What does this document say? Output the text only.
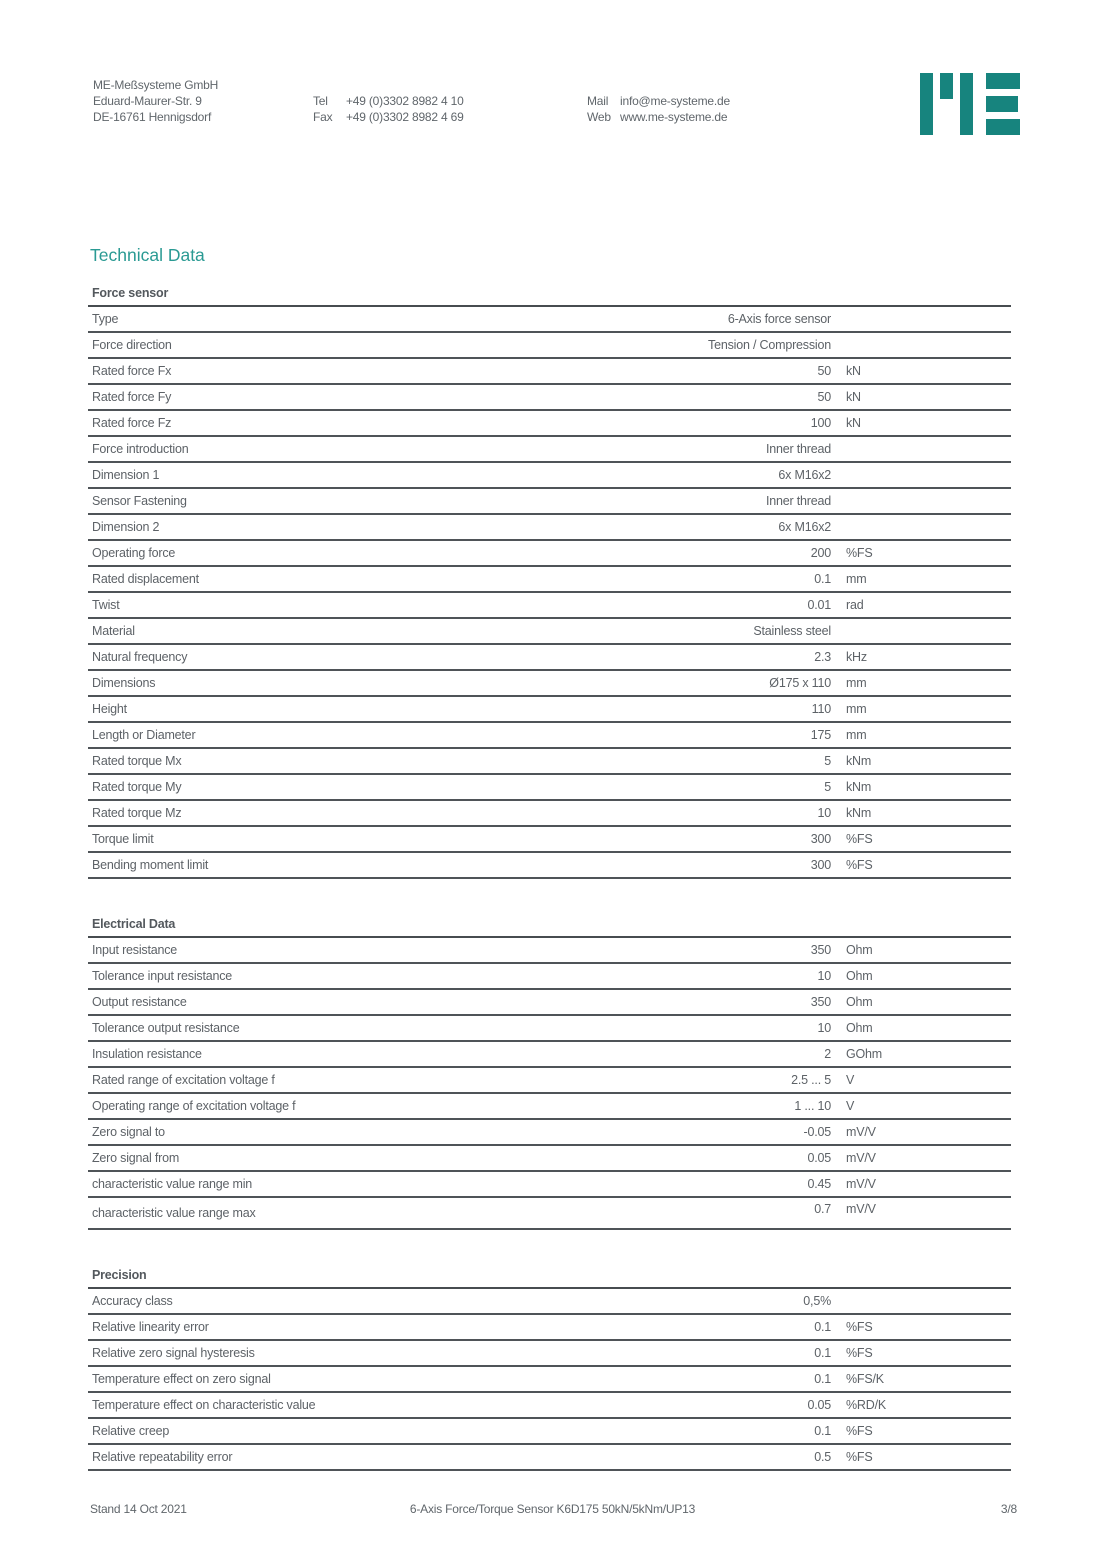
ME-Meßsysteme GmbH
Eduard-Maurer-Str. 9
DE-16761 Hennigsdorf
Tel	+49 (0)3302 8982 4 10
Fax	+49 (0)3302 8982 4 69
Mail info@me-systeme.de
Web www.me-systeme.de
Technical Data
Force sensor
Type	6-Axis force sensor
Force direction	Tension / Compression
Rated force Fx	50	kN
Rated force Fy	50	kN
Rated force Fz	100	kN
Force introduction	Inner thread
Dimension 1	6x M16x2
Sensor Fastening	Inner thread
Dimension 2	6x M16x2
Operating force	200	%FS
Rated displacement	0.1	mm
Twist	0.01	rad
Material	Stainless steel
Natural frequency	2.3	kHz
Dimensions	Ø175 x 110	mm
Height	110	mm
Length or Diameter	175	mm
Rated torque Mx	5	kNm
Rated torque My	5	kNm
Rated torque Mz	10	kNm
Torque limit	300	%FS
Bending moment limit	300	%FS
Electrical Data
Input resistance	350	Ohm
Tolerance input resistance	10	Ohm
Output resistance	350	Ohm
Tolerance output resistance	10	Ohm
Insulation resistance	2	GOhm
Rated range of excitation voltage f	2.5 ... 5	V
Operating range of excitation voltage f	1 ... 10	V
Zero signal to	-0.05	mV/V
Zero signal from	0.05	mV/V
characteristic value range min	0.45	mV/V
characteristic value range max	0.7	mV/V
Precision
Accuracy class	0,5%
Relative linearity error	0.1	%FS
Relative zero signal hysteresis	0.1	%FS
Temperature effect on zero signal	0.1	%FS/K
Temperature effect on characteristic value	0.05	%RD/K
Relative creep	0.1	%FS
Relative repeatability error	0.5	%FS
6-Axis Force/Torque Sensor K6D175 50kN/5kNm/UP13
Stand 14 Oct 2021	3/8
